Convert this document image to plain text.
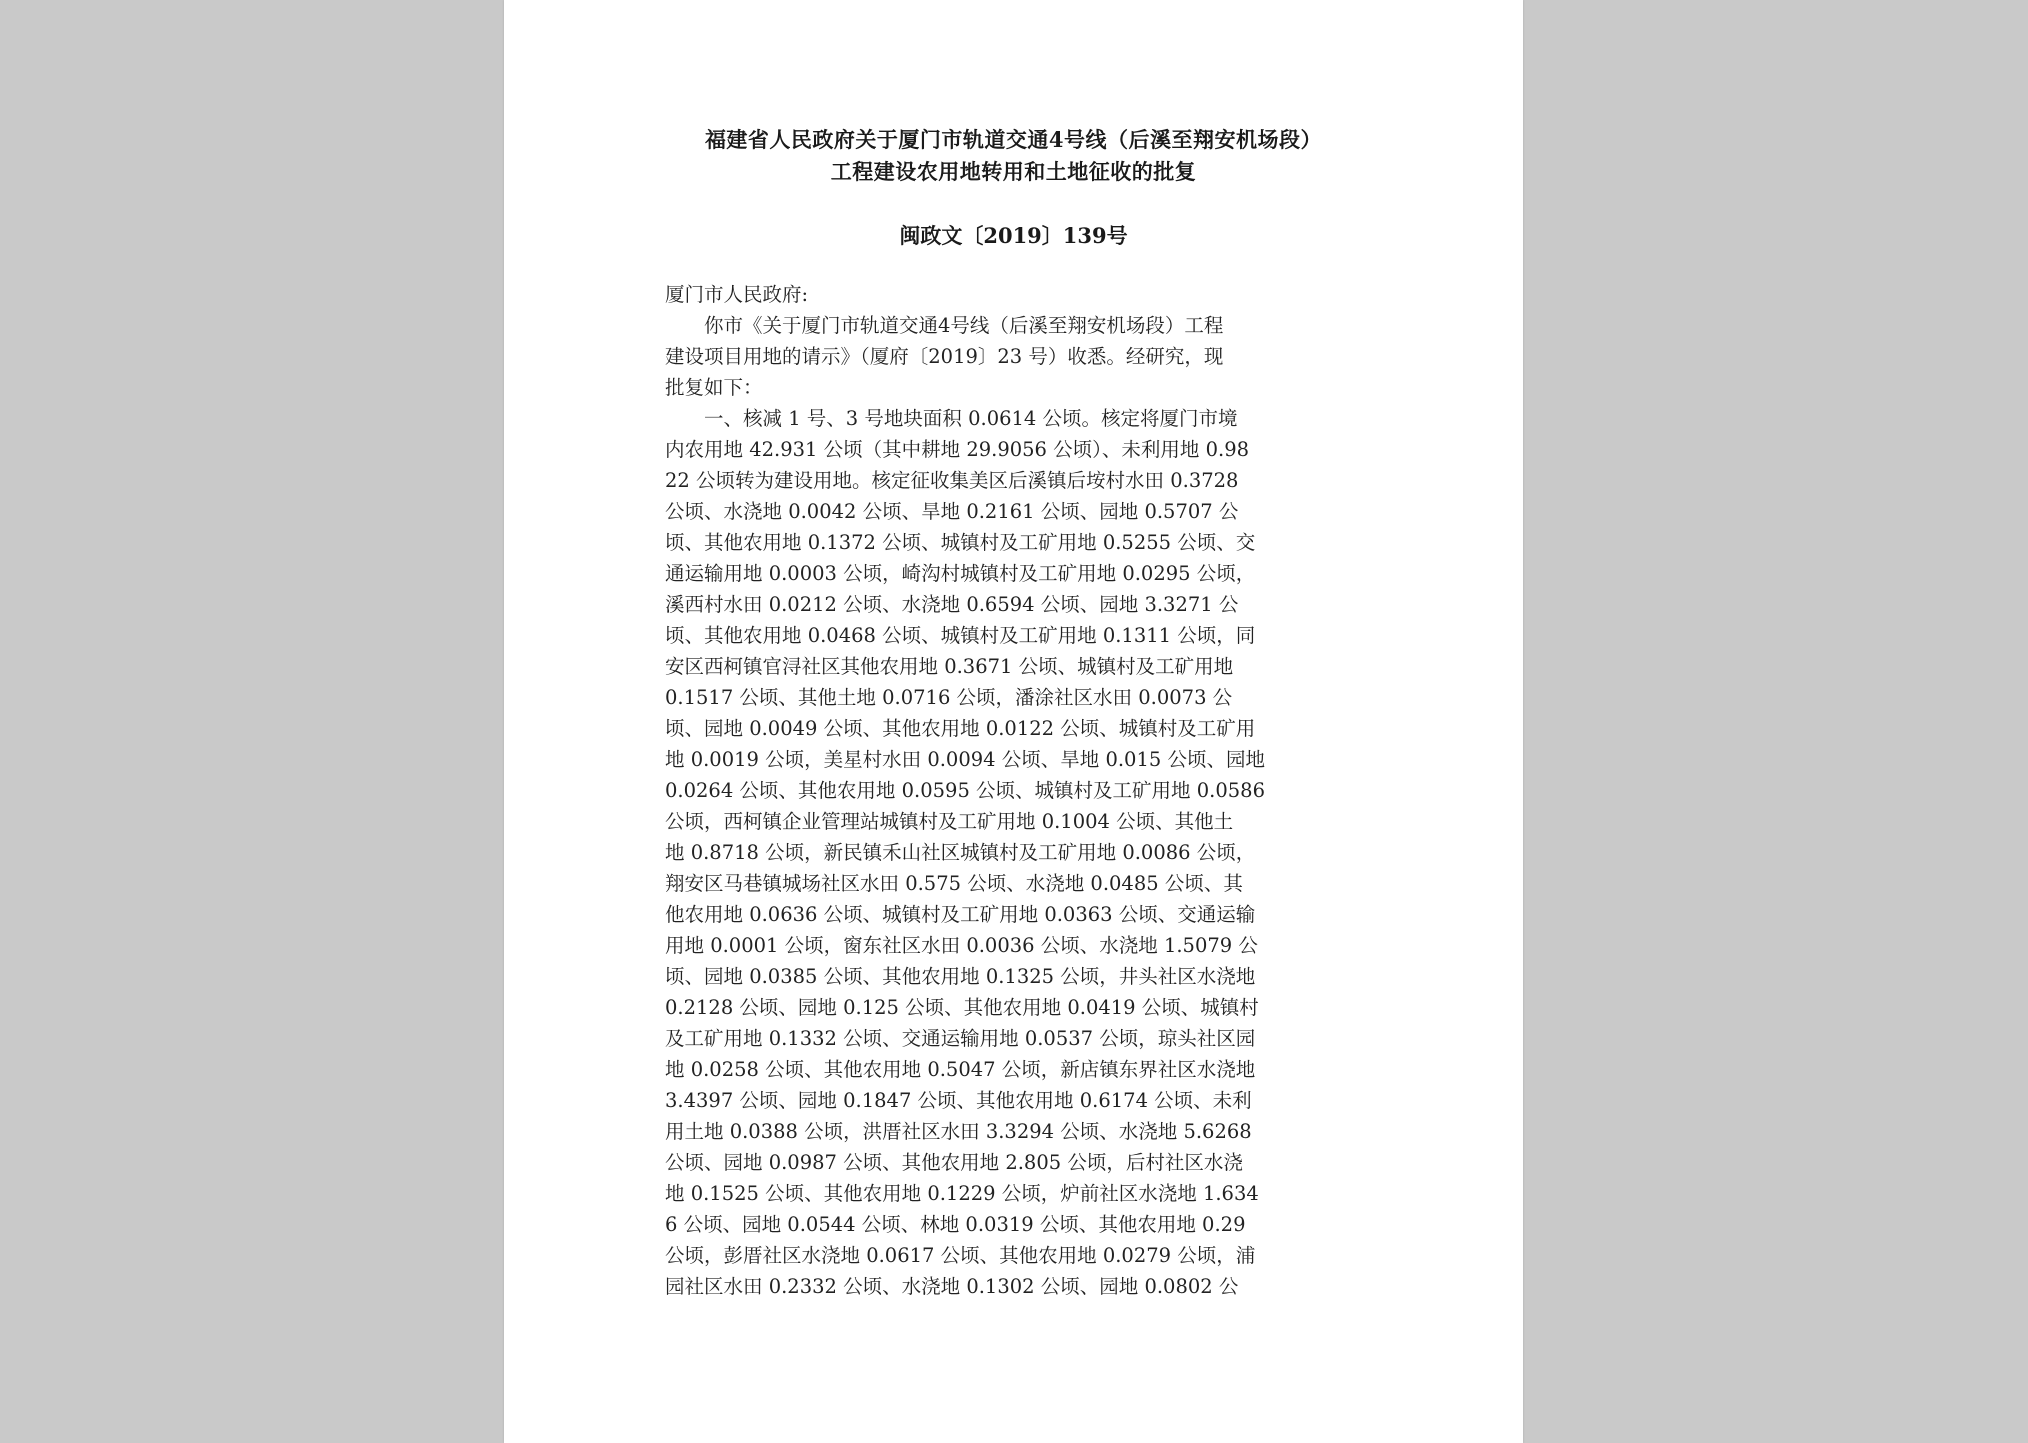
福建省人民政府关于厦门市轨道交通4号线（后溪至翔安机场段）
工程建设农用地转用和土地征收的批复
闽政文〔2019〕139号
厦门市人民政府:
　　你市《关于厦门市轨道交通4号线（后溪至翔安机场段）工程
建设项目用地的请示》（厦府〔2019〕23 号）收悉。经研究，现
批复如下：
　　一、核减 1 号、3 号地块面积 0.0614 公顷。核定将厦门市境
内农用地 42.931 公顷（其中耕地 29.9056 公顷）、未利用地 0.98
22 公顷转为建设用地。核定征收集美区后溪镇后垵村水田 0.3728
公顷、水浇地 0.0042 公顷、旱地 0.2161 公顷、园地 0.5707 公
顷、其他农用地 0.1372 公顷、城镇村及工矿用地 0.5255 公顷、交
通运输用地 0.0003 公顷，崎沟村城镇村及工矿用地 0.0295 公顷，
溪西村水田 0.0212 公顷、水浇地 0.6594 公顷、园地 3.3271 公
顷、其他农用地 0.0468 公顷、城镇村及工矿用地 0.1311 公顷，同
安区西柯镇官浔社区其他农用地 0.3671 公顷、城镇村及工矿用地
0.1517 公顷、其他土地 0.0716 公顷，潘涂社区水田 0.0073 公
顷、园地 0.0049 公顷、其他农用地 0.0122 公顷、城镇村及工矿用
地 0.0019 公顷，美星村水田 0.0094 公顷、旱地 0.015 公顷、园地
0.0264 公顷、其他农用地 0.0595 公顷、城镇村及工矿用地 0.0586
公顷，西柯镇企业管理站城镇村及工矿用地 0.1004 公顷、其他土
地 0.8718 公顷，新民镇禾山社区城镇村及工矿用地 0.0086 公顷，
翔安区马巷镇城场社区水田 0.575 公顷、水浇地 0.0485 公顷、其
他农用地 0.0636 公顷、城镇村及工矿用地 0.0363 公顷、交通运输
用地 0.0001 公顷，窗东社区水田 0.0036 公顷、水浇地 1.5079 公
顷、园地 0.0385 公顷、其他农用地 0.1325 公顷，井头社区水浇地
0.2128 公顷、园地 0.125 公顷、其他农用地 0.0419 公顷、城镇村
及工矿用地 0.1332 公顷、交通运输用地 0.0537 公顷，琼头社区园
地 0.0258 公顷、其他农用地 0.5047 公顷，新店镇东界社区水浇地
3.4397 公顷、园地 0.1847 公顷、其他农用地 0.6174 公顷、未利
用土地 0.0388 公顷，洪厝社区水田 3.3294 公顷、水浇地 5.6268
公顷、园地 0.0987 公顷、其他农用地 2.805 公顷，后村社区水浇
地 0.1525 公顷、其他农用地 0.1229 公顷，炉前社区水浇地 1.634
6 公顷、园地 0.0544 公顷、林地 0.0319 公顷、其他农用地 0.29
公顷，彭厝社区水浇地 0.0617 公顷、其他农用地 0.0279 公顷，浦
园社区水田 0.2332 公顷、水浇地 0.1302 公顷、园地 0.0802 公
